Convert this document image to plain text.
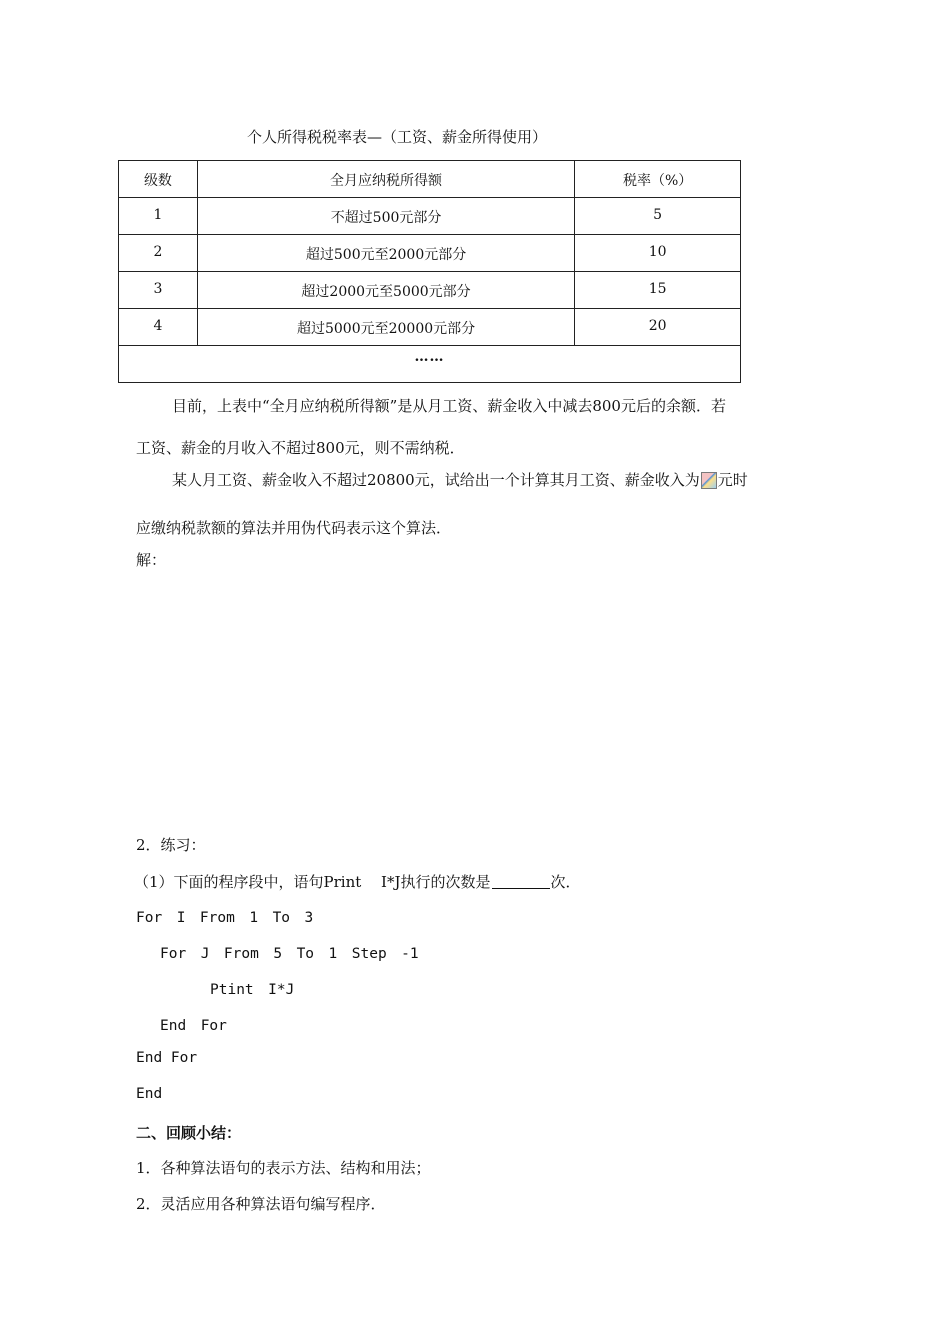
个人所得税税率表—（工资、薪金所得使用）
级数	全月应纳税所得额	税率（%）
1	不超过500元部分	5
2	超过500元至2000元部分	10
3	超过2000元至5000元部分	15
4	超过5000元至20000元部分	20
……		
目前，上表中“全月应纳税所得额”是从月工资、薪金收入中减去800元后的余额．若
工资、薪金的月收入不超过800元，则不需纳税．
某人月工资、薪金收入不超过20800元，试给出一个计算其月工资、薪金收入为 元时
应缴纳税款额的算法并用伪代码表示这个算法．
解：
2．练习：
（1）下面的程序段中，语句Print　 I*J执行的次数是	次．
For　I　From　1　To　3
For　J　From　5　To　1　Step　-1
Ptint　I*J
End　For
End For
End
二、回顾小结：
1．各种算法语句的表示方法、结构和用法；
2．灵活应用各种算法语句编写程序．
